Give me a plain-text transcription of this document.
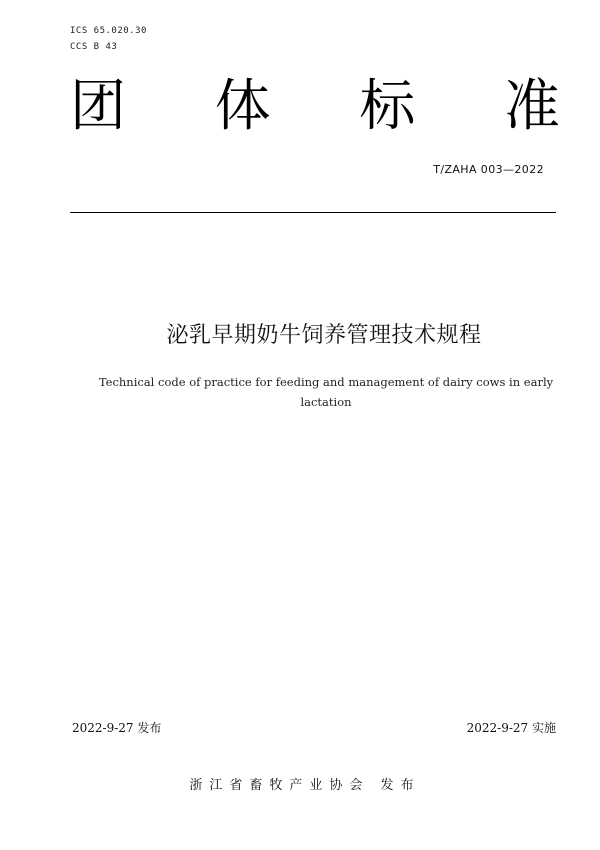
ICS 65.020.30
CCS B 43
团 体 标 准
T/ZAHA 003—2022
泌乳早期奶牛饲养管理技术规程
Technical code of practice for feeding and management of dairy cows in early lactation
2022-9-27 发布	2022-9-27 实施
浙江省畜牧产业协会 发布
